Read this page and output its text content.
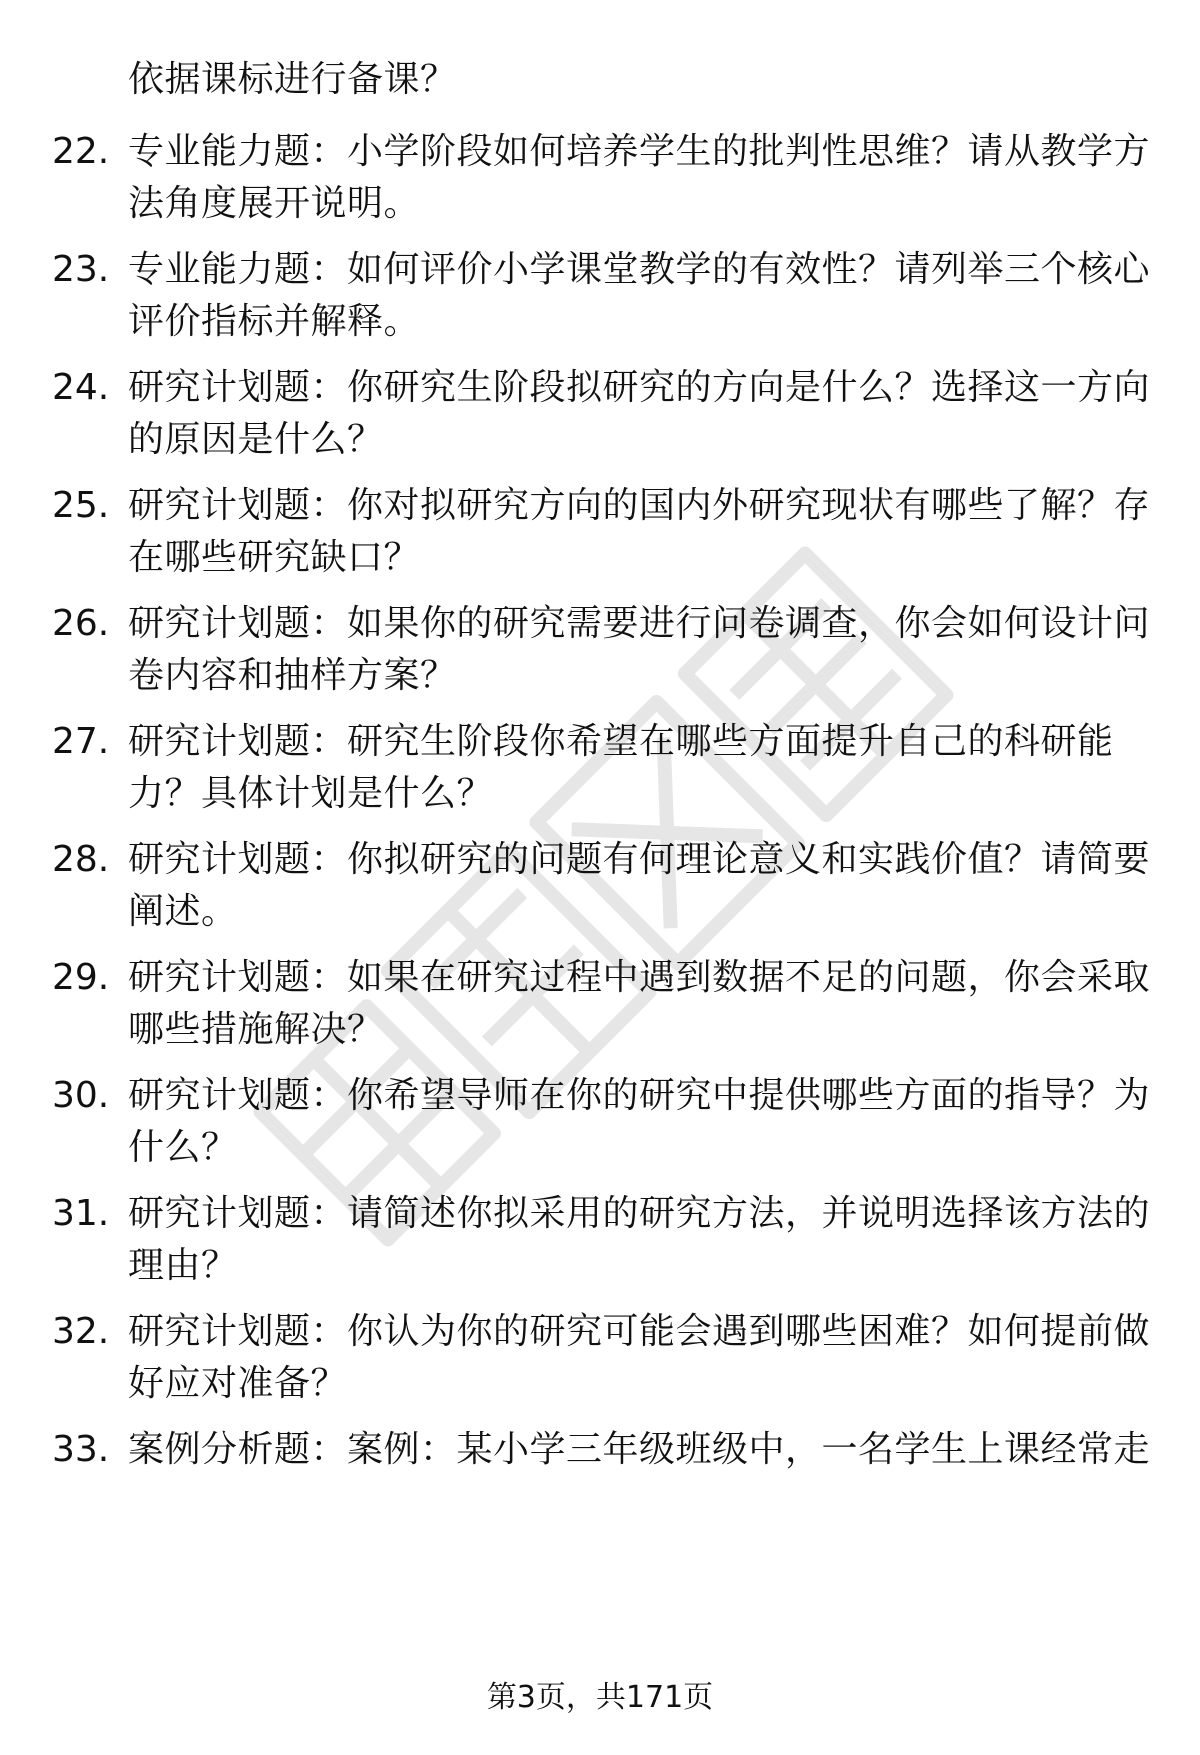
依据课标进行备课？
22. 专业能力题：小学阶段如何培养学生的批判性思维？请从教学方
法角度展开说明。
23. 专业能力题：如何评价小学课堂教学的有效性？请列举三个核心
评价指标并解释。
24. 研究计划题：你研究生阶段拟研究的方向是什么？选择这一方向
的原因是什么？
25. 研究计划题：你对拟研究方向的国内外研究现状有哪些了解？存
在哪些研究缺口？
26. 研究计划题：如果你的研究需要进行问卷调查，你会如何设计问
卷内容和抽样方案？
27. 研究计划题：研究生阶段你希望在哪些方面提升自己的科研能
力？具体计划是什么？
28. 研究计划题：你拟研究的问题有何理论意义和实践价值？请简要
阐述。
29. 研究计划题：如果在研究过程中遇到数据不足的问题，你会采取
哪些措施解决？
30. 研究计划题：你希望导师在你的研究中提供哪些方面的指导？为
什么？
31. 研究计划题：请简述你拟采用的研究方法，并说明选择该方法的
理由？
32. 研究计划题：你认为你的研究可能会遇到哪些困难？如何提前做
好应对准备？
33. 案例分析题：案例：某小学三年级班级中，一名学生上课经常走
第3页，共171页
